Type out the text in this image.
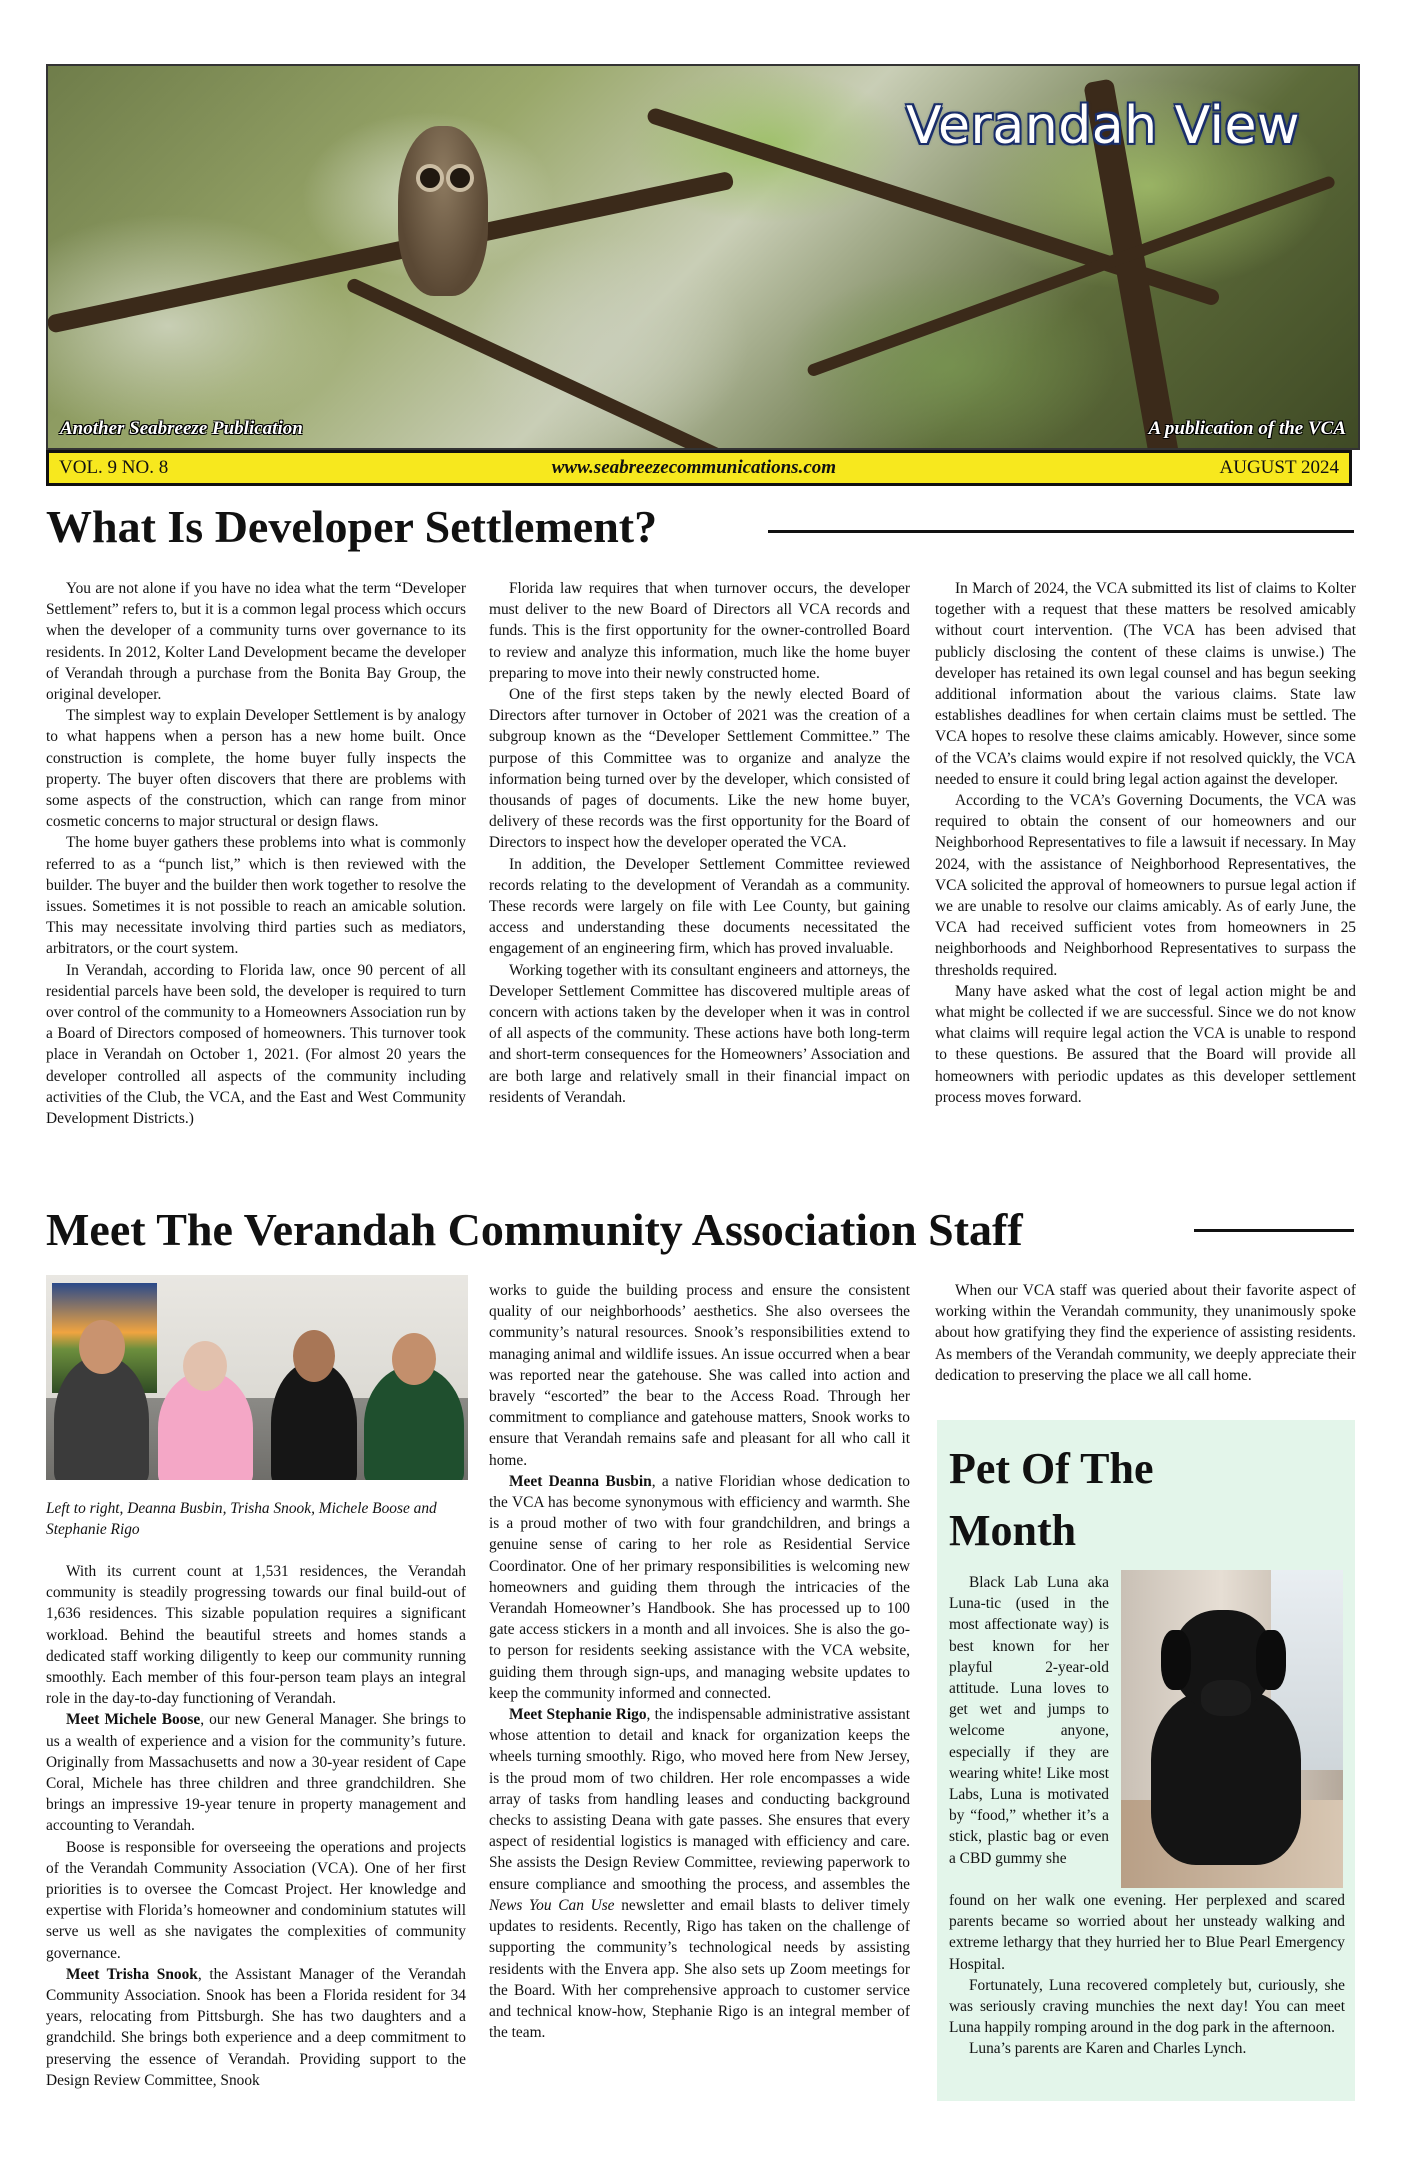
Verandah View
Another Seabreeze Publication	A publication of the VCA
VOL. 9 NO. 8	www.seabreezecommunications.com	AUGUST 2024
What Is Developer Settlement?

You are not alone if you have no idea what the term “Developer Settlement” refers to, but it is a common legal process which occurs when the developer of a community turns over governance to its residents. In 2012, Kolter Land Development became the developer of Verandah through a purchase from the Bonita Bay Group, the original developer.

The simplest way to explain Developer Settlement is by analogy to what happens when a person has a new home built. Once construction is complete, the home buyer fully inspects the property. The buyer often discovers that there are problems with some aspects of the construction, which can range from minor cosmetic concerns to major structural or design flaws.

The home buyer gathers these problems into what is commonly referred to as a “punch list,” which is then reviewed with the builder. The buyer and the builder then work together to resolve the issues. Sometimes it is not possible to reach an amicable solution. This may necessitate involving third parties such as mediators, arbitrators, or the court system.

In Verandah, according to Florida law, once 90 percent of all residential parcels have been sold, the developer is required to turn over control of the community to a Homeowners Association run by a Board of Directors composed of homeowners. This turnover took place in Verandah on October 1, 2021. (For almost 20 years the developer controlled all aspects of the community including activities of the Club, the VCA, and the East and West Community Development Districts.)

Florida law requires that when turnover occurs, the developer must deliver to the new Board of Directors all VCA records and funds. This is the first opportunity for the owner-controlled Board to review and analyze this information, much like the home buyer preparing to move into their newly constructed home.

One of the first steps taken by the newly elected Board of Directors after turnover in October of 2021 was the creation of a subgroup known as the “Developer Settlement Committee.” The purpose of this Committee was to organize and analyze the information being turned over by the developer, which consisted of thousands of pages of documents. Like the new home buyer, delivery of these records was the first opportunity for the Board of Directors to inspect how the developer operated the VCA.

In addition, the Developer Settlement Committee reviewed records relating to the development of Verandah as a community. These records were largely on file with Lee County, but gaining access and understanding these documents necessitated the engagement of an engineering firm, which has proved invaluable.

Working together with its consultant engineers and attorneys, the Developer Settlement Committee has discovered multiple areas of concern with actions taken by the developer when it was in control of all aspects of the community. These actions have both long-term and short-term consequences for the Homeowners’ Association and are both large and relatively small in their financial impact on residents of Verandah.

In March of 2024, the VCA submitted its list of claims to Kolter together with a request that these matters be resolved amicably without court intervention. (The VCA has been advised that publicly disclosing the content of these claims is unwise.) The developer has retained its own legal counsel and has begun seeking additional information about the various claims. State law establishes deadlines for when certain claims must be settled. The VCA hopes to resolve these claims amicably. However, since some of the VCA’s claims would expire if not resolved quickly, the VCA needed to ensure it could bring legal action against the developer.

According to the VCA’s Governing Documents, the VCA was required to obtain the consent of our homeowners and our Neighborhood Representatives to file a lawsuit if necessary. In May 2024, with the assistance of Neighborhood Representatives, the VCA solicited the approval of homeowners to pursue legal action if we are unable to resolve our claims amicably. As of early June, the VCA had received sufficient votes from homeowners in 25 neighborhoods and Neighborhood Representatives to surpass the thresholds required.

Many have asked what the cost of legal action might be and what might be collected if we are successful. Since we do not know what claims will require legal action the VCA is unable to respond to these questions. Be assured that the Board will provide all homeowners with periodic updates as this developer settlement process moves forward.

Meet The Verandah Community Association Staff
Left to right, Deanna Busbin, Trisha Snook, Michele Boose and Stephanie Rigo

With its current count at 1,531 residences, the Verandah community is steadily progressing towards our final build-out of 1,636 residences. This sizable population requires a significant workload. Behind the beautiful streets and homes stands a dedicated staff working diligently to keep our community running smoothly. Each member of this four-person team plays an integral role in the day-to-day functioning of Verandah.

Meet Michele Boose, our new General Manager. She brings to us a wealth of experience and a vision for the community’s future. Originally from Massachusetts and now a 30-year resident of Cape Coral, Michele has three children and three grandchildren. She brings an impressive 19-year tenure in property management and accounting to Verandah.

Boose is responsible for overseeing the operations and projects of the Verandah Community Association (VCA). One of her first priorities is to oversee the Comcast Project. Her knowledge and expertise with Florida’s homeowner and condominium statutes will serve us well as she navigates the complexities of community governance.

Meet Trisha Snook, the Assistant Manager of the Verandah Community Association. Snook has been a Florida resident for 34 years, relocating from Pittsburgh. She has two daughters and a grandchild. She brings both experience and a deep commitment to preserving the essence of Verandah. Providing support to the Design Review Committee, Snook

works to guide the building process and ensure the consistent quality of our neighborhoods’ aesthetics. She also oversees the community’s natural resources. Snook’s responsibilities extend to managing animal and wildlife issues. An issue occurred when a bear was reported near the gatehouse. She was called into action and bravely “escorted” the bear to the Access Road. Through her commitment to compliance and gatehouse matters, Snook works to ensure that Verandah remains safe and pleasant for all who call it home.

Meet Deanna Busbin, a native Floridian whose dedication to the VCA has become synonymous with efficiency and warmth. She is a proud mother of two with four grandchildren, and brings a genuine sense of caring to her role as Residential Service Coordinator. One of her primary responsibilities is welcoming new homeowners and guiding them through the intricacies of the Verandah Homeowner’s Handbook. She has processed up to 100 gate access stickers in a month and all invoices. She is also the go-to person for residents seeking assistance with the VCA website, guiding them through sign-ups, and managing website updates to keep the community informed and connected.

Meet Stephanie Rigo, the indispensable administrative assistant whose attention to detail and knack for organization keeps the wheels turning smoothly. Rigo, who moved here from New Jersey, is the proud mom of two children. Her role encompasses a wide array of tasks from handling leases and conducting background checks to assisting Deana with gate passes. She ensures that every aspect of residential logistics is managed with efficiency and care. She assists the Design Review Committee, reviewing paperwork to ensure compliance and smoothing the process, and assembles the News You Can Use newsletter and email blasts to deliver timely updates to residents. Recently, Rigo has taken on the challenge of supporting the community’s technological needs by assisting residents with the Envera app. She also sets up Zoom meetings for the Board. With her comprehensive approach to customer service and technical know-how, Stephanie Rigo is an integral member of the team.

When our VCA staff was queried about their favorite aspect of working within the Verandah community, they unanimously spoke about how gratifying they find the experience of assisting residents. As members of the Verandah community, we deeply appreciate their dedication to preserving the place we all call home.

Pet Of The
Month

Black Lab Luna aka Luna-tic (used in the most affectionate way) is best known for her playful 2-year-old attitude. Luna loves to get wet and jumps to welcome anyone, especially if they are wearing white! Like most Labs, Luna is motivated by “food,” whether it’s a stick, plastic bag or even a CBD gummy she

found on her walk one evening. Her perplexed and scared parents became so worried about her unsteady walking and extreme lethargy that they hurried her to Blue Pearl Emergency Hospital.

Fortunately, Luna recovered completely but, curiously, she was seriously craving munchies the next day! You can meet Luna happily romping around in the dog park in the afternoon.

Luna’s parents are Karen and Charles Lynch.
